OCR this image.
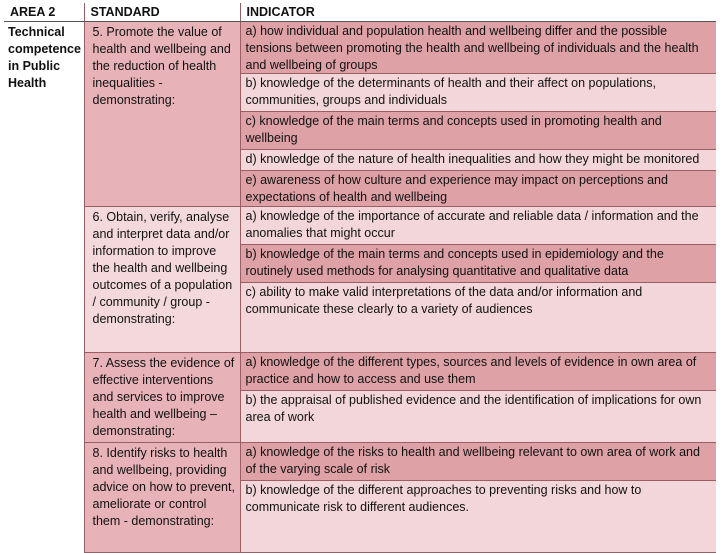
AREA 2	STANDARD	INDICATOR
Technical competence in Public Health	5. Promote the value of health and wellbeing and the reduction of health inequalities - demonstrating:	a) how individual and population health and wellbeing differ and the possible tensions between promoting the health and wellbeing of individuals and the health and wellbeing of groups
b) knowledge of the determinants of health and their affect on populations, communities, groups and individuals
c) knowledge of the main terms and concepts used in promoting health and wellbeing
d) knowledge of the nature of health inequalities and how they might be monitored
e) awareness of how culture and experience may impact on perceptions and expectations of health and wellbeing

	6. Obtain, verify, analyse and interpret data and/or information to improve the health and wellbeing outcomes of a population / community / group - demonstrating:	a) knowledge of the importance of accurate and reliable data / information and the anomalies that might occur
b) knowledge of the main terms and concepts used in epidemiology and the routinely used methods for analysing quantitative and qualitative data
c) ability to make valid interpretations of the data and/or information and communicate these clearly to a variety of audiences

	7. Assess the evidence of effective interventions and services to improve health and wellbeing – demonstrating:	a) knowledge of the different types, sources and levels of evidence in own area of practice and how to access and use them
b) the appraisal of published evidence and the identification of implications for own area of work

	8. Identify risks to health and wellbeing, providing advice on how to prevent, ameliorate or control them - demonstrating:	a) knowledge of the risks to health and wellbeing relevant to own area of work and of the varying scale of risk
b) knowledge of the different approaches to preventing risks and how to communicate risk to different audiences.
